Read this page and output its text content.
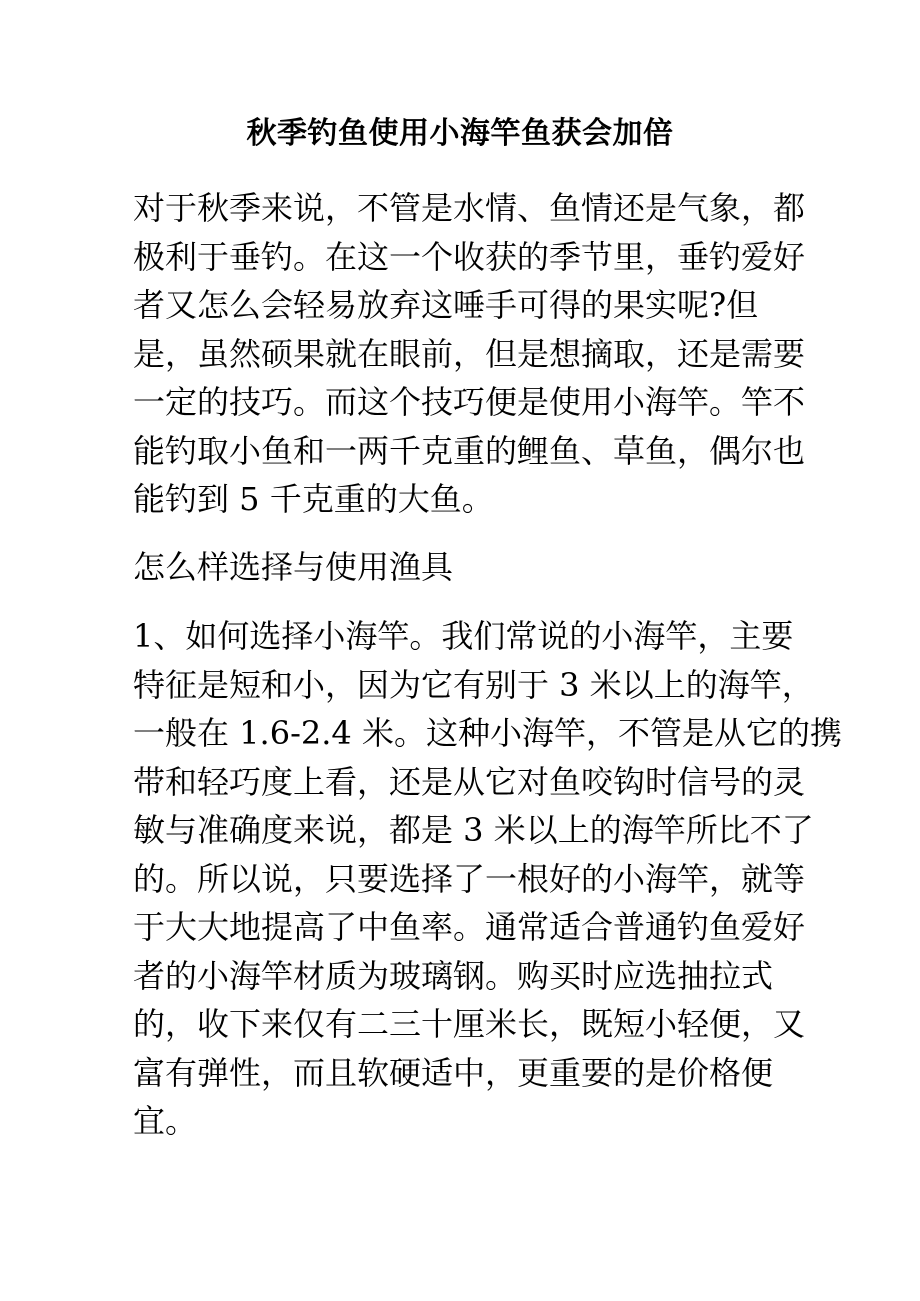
秋季钓鱼使用小海竿鱼获会加倍

对于秋季来说，不管是水情、鱼情还是气象，都
极利于垂钓。在这一个收获的季节里，垂钓爱好
者又怎么会轻易放弃这唾手可得的果实呢?但
是，虽然硕果就在眼前，但是想摘取，还是需要
一定的技巧。而这个技巧便是使用小海竿。竿不
能钓取小鱼和一两千克重的鲤鱼、草鱼，偶尔也
能钓到 5 千克重的大鱼。

怎么样选择与使用渔具

1、如何选择小海竿。我们常说的小海竿，主要
特征是短和小，因为它有别于 3 米以上的海竿，
一般在 1.6-2.4 米。这种小海竿，不管是从它的携
带和轻巧度上看，还是从它对鱼咬钩时信号的灵
敏与准确度来说，都是 3 米以上的海竿所比不了
的。所以说，只要选择了一根好的小海竿，就等
于大大地提高了中鱼率。通常适合普通钓鱼爱好
者的小海竿材质为玻璃钢。购买时应选抽拉式
的，收下来仅有二三十厘米长，既短小轻便，又
富有弹性，而且软硬适中，更重要的是价格便
宜。
